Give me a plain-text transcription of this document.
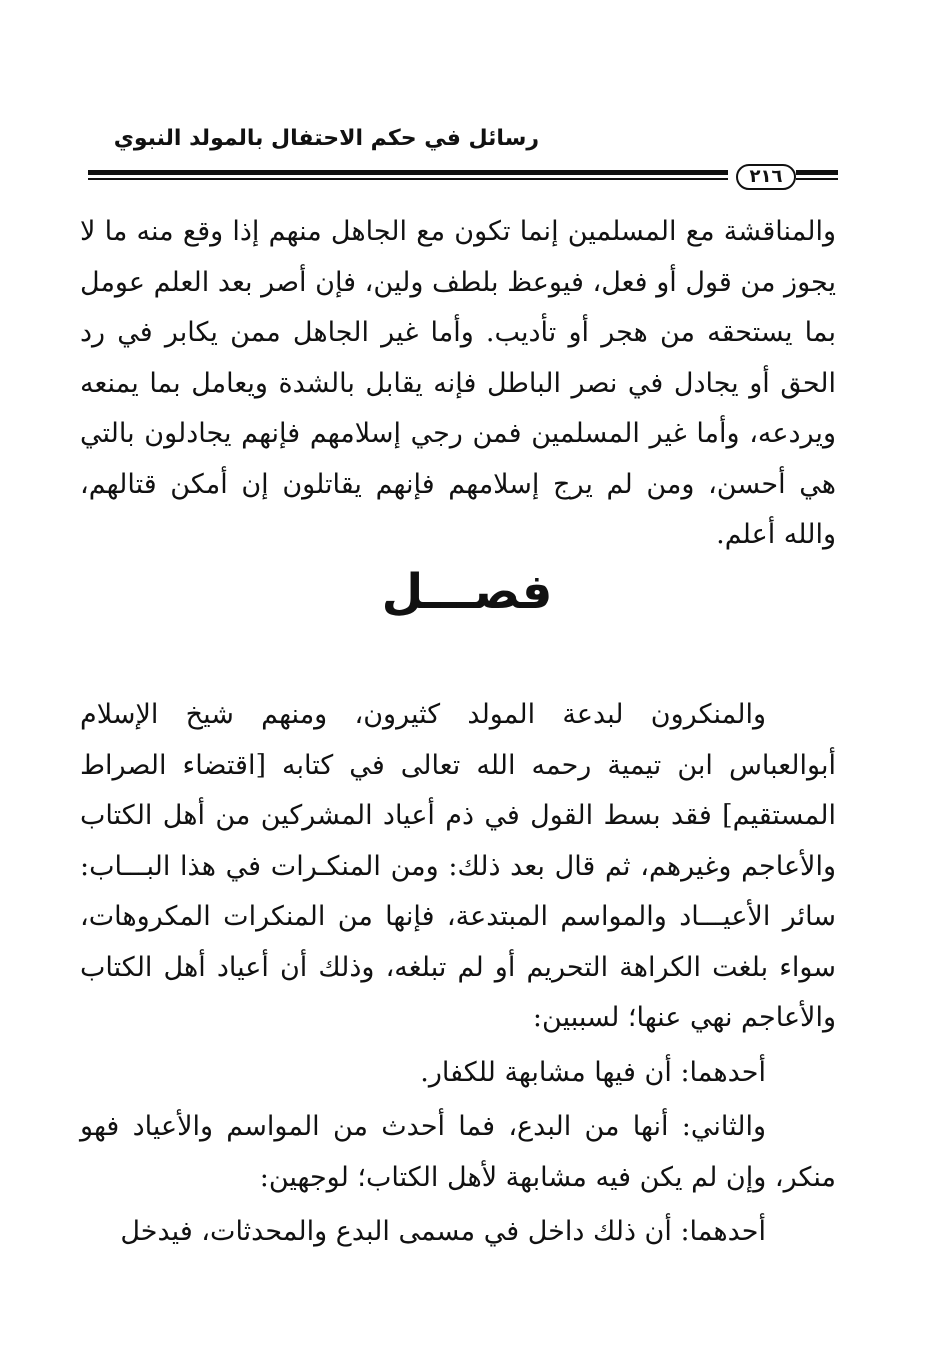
رسائل في حكم الاحتفال بالمولد النبوي
٢١٦

والمناقشة مع المسلمين إنما تكون مع الجاهل منهم إذا وقع منه ما لا يجوز من قول أو فعل، فيوعظ بلطف ولين، فإن أصر بعد العلم عومل بما يستحقه من هجر أو تأديب. وأما غير الجاهل ممن يكابر في رد الحق أو يجادل في نصر الباطل فإنه يقابل بالشدة ويعامل بما يمنعه ويردعه، وأما غير المسلمين فمن رجي إسلامهم فإنهم يجادلون بالتي هي أحسن، ومن لم يرج إسلامهم فإنهم يقاتلون إن أمكن قتالهم، والله أعلم.

فصـــل

والمنكرون لبدعة المولد كثيرون، ومنهم شيخ الإسلام أبوالعباس ابن تيمية رحمه الله تعالى في كتابه [اقتضاء الصراط المستقيم] فقد بسط القول في ذم أعياد المشركين من أهل الكتاب والأعاجم وغيرهم، ثم قال بعد ذلك: ومن المنكـرات في هذا البـــاب: سائر الأعيـــاد والمواسم المبتدعة، فإنها من المنكرات المكروهات، سواء بلغت الكراهة التحريم أو لم تبلغه، وذلك أن أعياد أهل الكتاب والأعاجم نهي عنها؛ لسببين:

أحدهما: أن فيها مشابهة للكفار.

والثاني: أنها من البدع، فما أحدث من المواسم والأعياد فهو منكر، وإن لم يكن فيه مشابهة لأهل الكتاب؛ لوجهين:

أحدهما: أن ذلك داخل في مسمى البدع والمحدثات، فيدخل
